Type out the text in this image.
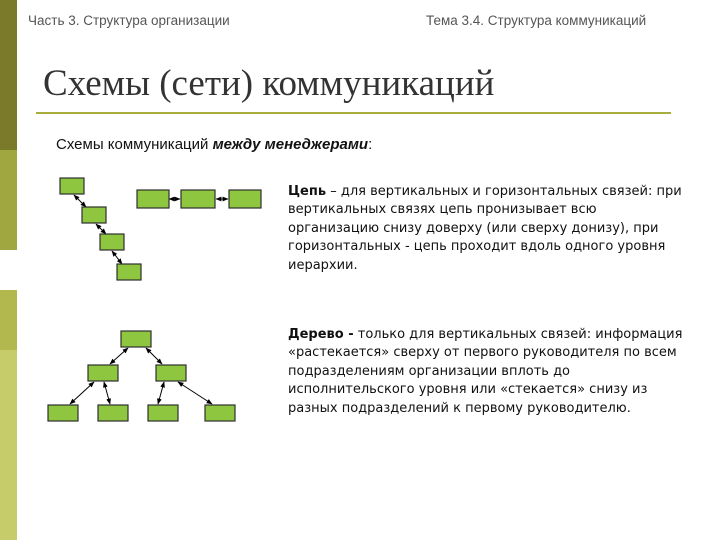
Часть 3. Структура организации	Тема 3.4. Структура коммуникаций
Схемы (сети) коммуникаций
Схемы коммуникаций между менеджерами:
Цепь – для вертикальных и горизонтальных связей: при вертикальных связях цепь пронизывает всю организацию снизу доверху (или сверху донизу), при горизонтальных - цепь проходит вдоль одного уровня иерархии.
Дерево - только для вертикальных связей: информация «растекается» сверху от первого руководителя по всем подразделениям организации вплоть до исполнительского уровня или «стекается» снизу из разных подразделений к первому руководителю.
